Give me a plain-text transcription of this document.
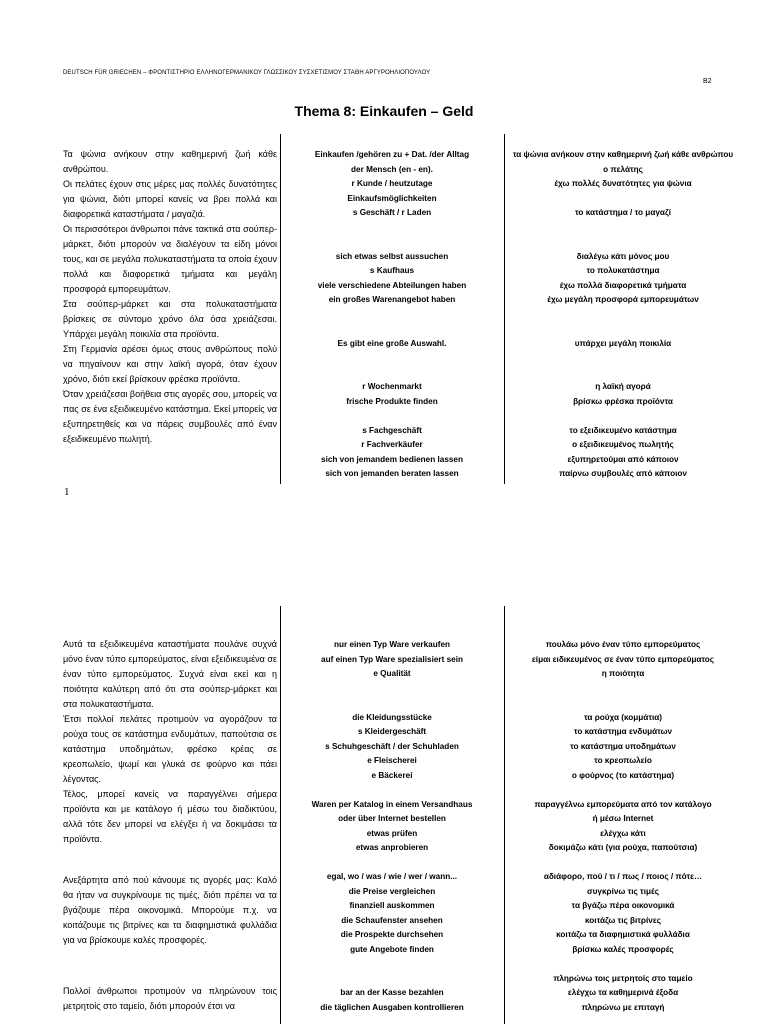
DEUTSCH FÜR GRIECHEN – ΦΡΟΝΤΙΣΤΗΡΙΟ ΕΛΛΗΝΟΓΕΡΜΑΝΙΚΟΥ ΓΛΩΣΣΙΚΟΥ ΣΥΣΧΕΤΙΣΜΟΥ ΣΤΑΘΗ ΑΡΓΥΡΟΗΛΙΟΠΟΥΛΟΥ
B2
Thema 8: Einkaufen – Geld

Τα ψώνια ανήκουν στην καθημερινή ζωή κάθε ανθρώπου.

Οι πελάτες έχουν στις μέρες μας πολλές δυνατότητες για ψώνια, διότι μπορεί κανείς να βρει πολλά και διαφορετικά καταστήματα / μαγαζιά.

Οι περισσότεροι άνθρωποι πάνε τακτικά στα σούπερ-μάρκετ, διότι μπορούν να διαλέγουν τα είδη μόνοι τους, και σε μεγάλα πολυκαταστήματα τα οποία έχουν πολλά και διαφορετικά τμήματα και μεγάλη προσφορά εμπορευμάτων.

Στα σούπερ-μάρκετ και στα πολυκαταστήματα βρίσκεις σε σύντομο χρόνο όλα όσα χρειάζεσαι. Υπάρχει μεγάλη ποικιλία στα προϊόντα.

Στη Γερμανία αρέσει όμως στους ανθρώπους πολύ να πηγαίνουν και στην λαϊκή αγορά, όταν έχουν χρόνο, διότι εκεί βρίσκουν φρέσκα προϊόντα.

Όταν χρειάζεσαι βοήθεια στις αγορές σου, μπορείς να πας σε ένα εξειδικευμένο κατάστημα. Εκεί μπορείς να εξυπηρετηθείς και να πάρεις συμβουλές από έναν εξειδικευμένο πωλητή.

Einkaufen /gehören zu + Dat. /der Alltag
der Mensch (en - en).
r Kunde / heutzutage
Einkaufsmöglichkeiten
s Geschäft / r Laden
sich etwas selbst aussuchen
s Kaufhaus
viele verschiedene Abteilungen haben
ein großes Warenangebot haben
Es gibt eine große Auswahl.
r Wochenmarkt
frische Produkte finden
s Fachgeschäft
r Fachverkäufer
sich von jemandem bedienen lassen
sich von jemanden beraten lassen
τα ψώνια ανήκουν στην καθημερινή ζωή κάθε ανθρώπου
ο πελάτης
έχω πολλές δυνατότητες για ψώνια
το κατάστημα / το μαγαζί
διαλέγω κάτι μόνος μου
το πολυκατάστημα
έχω πολλά διαφορετικά τμήματα
έχω μεγάλη προσφορά εμπορευμάτων
υπάρχει μεγάλη ποικιλία
η λαϊκή αγορά
βρίσκω φρέσκα προϊόντα
το εξειδικευμένο κατάστημα
ο εξειδικευμένος πωλητής
εξυπηρετούμαι από κάποιον
παίρνω συμβουλές από κάποιον
1

Αυτά τα εξειδικευμένα καταστήματα πουλάνε συχνά μόνο έναν τύπο εμπορεύματος, είναι εξειδικευμένα σε έναν τύπο εμπορεύματος. Συχνά είναι εκεί και η ποιότητα καλύτερη από ότι στα σούπερ-μάρκετ και στα πολυκαταστήματα.

Έτσι πολλοί πελάτες προτιμούν να αγοράζουν τα ρούχα τους σε κατάστημα ενδυμάτων, παπούτσια σε κατάστημα υποδημάτων, φρέσκο κρέας σε κρεοπωλείο, ψωμί και γλυκά σε φούρνο και πάει λέγοντας.

Τέλος, μπορεί κανείς να παραγγέλνει σήμερα προϊόντα και με κατάλογο ή μέσω του διαδικτύου, αλλά τότε δεν μπορεί να ελέγξει ή να δοκιμάσει τα προϊόντα.

Ανεξάρτητα από πού κάνουμε τις αγορές μας: Καλό θα ήταν να συγκρίνουμε τις τιμές, διότι πρέπει να τα βγάζουμε πέρα οικονομικά. Μπορούμε π.χ. να κοιτάζουμε τις βιτρίνες και τα διαφημιστικά φυλλάδια για να βρίσκουμε καλές προσφορές.

Πολλοί άνθρωποι προτιμούν να πληρώνουν τοις μετρητοίς στο ταμείο, διότι μπορούν έτσι να

nur einen Typ Ware verkaufen
auf einen Typ Ware spezialisiert sein
e Qualität
die Kleidungsstücke
s Kleidergeschäft
s Schuhgeschäft / der Schuhladen
e Fleischerei
e Bäckerei
Waren per Katalog in einem Versandhaus
oder über Internet bestellen
etwas prüfen
etwas anprobieren
egal, wo / was / wie / wer / wann...
die Preise vergleichen
finanziell auskommen
die Schaufenster ansehen
die Prospekte durchsehen
gute Angebote finden
bar an der Kasse bezahlen
die täglichen Ausgaben kontrollieren
πουλάω μόνο έναν τύπο εμπορεύματος
είμαι ειδικευμένος σε έναν τύπο εμπορεύματος
η ποιότητα
τα ρούχα (κομμάτια)
το κατάστημα ενδυμάτων
το κατάστημα υποδημάτων
το κρεοπωλείο
ο φούρνος (το κατάστημα)
παραγγέλνω εμπορεύματα από τον κατάλογο
ή μέσω Internet
ελέγχω κάτι
δοκιμάζω κάτι (για ρούχα, παπούτσια)
αδιάφορο, πού / τι / πως / ποιος / πότε…
συγκρίνω τις τιμές
τα βγάζω πέρα οικονομικά
κοιτάζω τις βιτρίνες
κοιτάζω τα διαφημιστικά φυλλάδια
βρίσκω καλές προσφορές
πληρώνω τοις μετρητοίς στο ταμείο
ελέγχω τα καθημερινά έξοδα
πληρώνω με επιταγή
